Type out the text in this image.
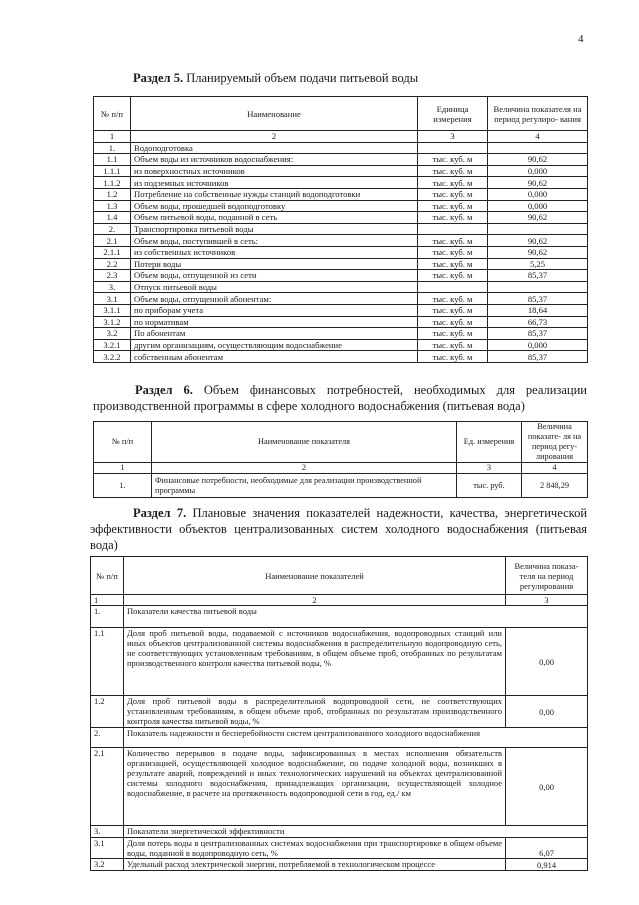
4
Раздел 5. Планируемый объем подачи питьевой воды
№ п/п	Наименование	Единица измерения	Величина показателя на период регулиро- вания
1	2	3	4
1.	Водоподготовка		
1.1	Объем воды из источников водоснабжения:	тыс. куб. м	90,62
1.1.1	из поверхностных источников	тыс. куб. м	0,000
1.1.2	из подземных источников	тыс. куб. м	90,62
1.2	Потребление на собственные нужды станций водоподготовки	тыс. куб. м	0,000
1.3	Объем воды, прошедшей водоподготовку	тыс. куб. м	0,000
1.4	Объем питьевой воды, поданной в сеть	тыс. куб. м	90,62
2.	Транспортировка питьевой воды		
2.1	Объем воды, поступившей в сеть:	тыс. куб. м	90,62
2.1.1	из собственных источников	тыс. куб. м	90,62
2.2	Потери воды	тыс. куб. м	5,25
2.3	Объем воды, отпущенной из сети	тыс. куб. м	85,37
3.	Отпуск питьевой воды		
3.1	Объем воды, отпущенной абонентам:	тыс. куб. м	85,37
3.1.1	по приборам учета	тыс. куб. м	18,64
3.1.2	по нормативам	тыс. куб. м	66,73
3.2	По абонентам	тыс. куб. м	85,37
3.2.1	другим организациям, осуществляющим водоснабжение	тыс. куб. м	0,000
3.2.2	собственным абонентам	тыс. куб. м	85,37
Раздел 6. Объем финансовых потребностей, необходимых для реализации производственной программы в сфере холодного водоснабжения (питьевая вода)
№ п/п	Наименование показателя	Ед. измерения	Величина показате- ля на период регу- лирования
1	2	3	4
1.	Финансовые потребности, необходимые для реализации производственной программы	тыс. руб.	2 848,29
Раздел 7. Плановые значения показателей надежности, качества, энергетической эффективности объектов централизованных систем холодного водоснабжения (питьевая вода)
№ п/п	Наименование показателей	Величина показа- теля на период регулирования
1	2	3
1.	Показатели качества питьевой воды	
1.1	Доля проб питьевой воды, подаваемой с источников водоснабжения, водопроводных станций или иных объектов централизованной системы водоснабжения в распределительную водопроводную сеть, не соответствующих установленным требованиям, в общем объеме проб, отобранных по результатам производственного контроля качества питьевой воды, %	0,00
1.2	Доля проб питьевой воды в распределительной водопроводной сети, не соответствующих установленным требованиям, в общем объеме проб, отобранных по результатам производственного контроля качества питьевой воды, %	0,00
2.	Показатель надежности и бесперебойности систем централизованного холодного водоснабжения	
2.1	Количество перерывов в подаче воды, зафиксированных в местах исполнения обязательств организацией, осуществляющей холодное водоснабжение, по подаче холодной воды, возникших в результате аварий, повреждений и иных технологических нарушений на объектах централизованной системы холодного водоснабжения, принадлежащих организации, осуществляющей холодное водоснабжение, в расчете на протяженность водопроводной сети в год, ед./ км	0,00
3.	Показатели энергетической эффективности	
3.1	Доля потерь воды в централизованных системах водоснабжения при транспортировке в общем объеме воды, поданной в водопроводную сеть, %	6,07
3.2	Удельный расход электрической энергии, потребляемой в технологическом процессе	0,914
